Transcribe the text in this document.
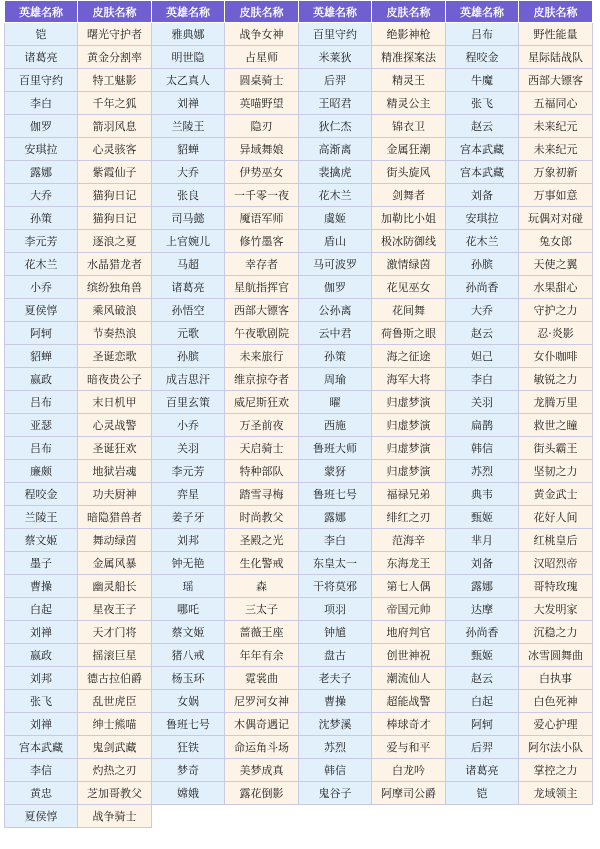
英雄名称	皮肤名称	英雄名称	皮肤名称	英雄名称	皮肤名称	英雄名称	皮肤名称
铠	曙光守护者	雅典娜	战争女神	百里守约	绝影神枪	吕布	野性能量
诸葛亮	黄金分割率	明世隐	占星师	米莱狄	精准探案法	程咬金	星际陆战队
百里守约	特工魅影	太乙真人	圆桌骑士	后羿	精灵王	牛魔	西部大镖客
李白	千年之狐	刘禅	英喵野望	王昭君	精灵公主	张飞	五福同心
伽罗	箭羽风息	兰陵王	隐刃	狄仁杰	锦衣卫	赵云	未来纪元
安琪拉	心灵骇客	貂蝉	异域舞娘	高渐离	金属狂潮	宫本武藏	未来纪元
露娜	紫霞仙子	大乔	伊势巫女	裴擒虎	街头旋风	宫本武藏	万象初新
大乔	猫狗日记	张良	一千零一夜	花木兰	剑舞者	刘备	万事如意
孙策	猫狗日记	司马懿	魇语军师	虞姬	加勒比小姐	安琪拉	玩偶对对碰
李元芳	逐浪之夏	上官婉儿	修竹墨客	盾山	极冰防御线	花木兰	兔女郎
花木兰	水晶猎龙者	马超	幸存者	马可波罗	激情绿茵	孙膑	天使之翼
小乔	缤纷独角兽	诸葛亮	星航指挥官	伽罗	花见巫女	孙尚香	水果甜心
夏侯惇	乘风破浪	孙悟空	西部大镖客	公孙离	花间舞	大乔	守护之力
阿轲	节奏热浪	元歌	午夜歌剧院	云中君	荷鲁斯之眼	赵云	忍·炎影
貂蝉	圣诞恋歌	孙膑	未来旅行	孙策	海之征途	妲己	女仆咖啡
嬴政	暗夜贵公子	成吉思汗	维京掠夺者	周瑜	海军大将	李白	敏锐之力
吕布	末日机甲	百里玄策	威尼斯狂欢	曜	归虚梦演	关羽	龙腾万里
亚瑟	心灵战警	小乔	万圣前夜	西施	归虚梦演	扁鹊	救世之瞳
吕布	圣诞狂欢	关羽	天启骑士	鲁班大师	归虚梦演	韩信	街头霸王
廉颇	地狱岩魂	李元芳	特种部队	蒙犽	归虚梦演	苏烈	坚韧之力
程咬金	功夫厨神	弈星	踏雪寻梅	鲁班七号	福禄兄弟	典韦	黄金武士
兰陵王	暗隐猎兽者	姜子牙	时尚教父	露娜	绯红之刃	甄姬	花好人间
蔡文姬	舞动绿茵	刘邦	圣殿之光	李白	范海辛	芈月	红桃皇后
墨子	金属风暴	钟无艳	生化警戒	东皇太一	东海龙王	刘备	汉昭烈帝
曹操	幽灵船长	瑶	森	干将莫邪	第七人偶	露娜	哥特玫瑰
白起	星夜王子	哪吒	三太子	项羽	帝国元帅	达摩	大发明家
刘禅	天才门将	蔡文姬	蔷薇王座	钟馗	地府判官	孙尚香	沉稳之力
嬴政	摇滚巨星	猪八戒	年年有余	盘古	创世神祝	甄姬	冰雪圆舞曲
刘邦	德古拉伯爵	杨玉环	霓裳曲	老夫子	潮流仙人	赵云	白执事
张飞	乱世虎臣	女娲	尼罗河女神	曹操	超能战警	白起	白色死神
刘禅	绅士熊喵	鲁班七号	木偶奇遇记	沈梦溪	棒球奇才	阿轲	爱心护理
宫本武藏	鬼剑武藏	狂铁	命运角斗场	苏烈	爱与和平	后羿	阿尔法小队
李信	灼热之刃	梦奇	美梦成真	韩信	白龙吟	诸葛亮	掌控之力
黄忠	芝加哥教父	嫦娥	露花倒影	鬼谷子	阿摩司公爵	铠	龙域领主
夏侯惇	战争骑士						
